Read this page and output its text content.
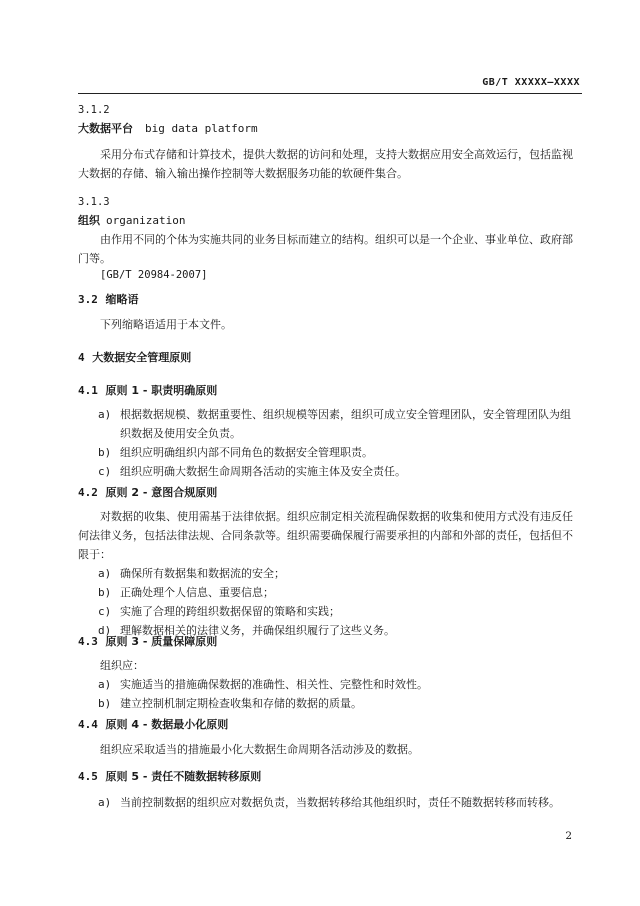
GB/T XXXXX—XXXX
3.1.2
大数据平台 big data platform
采用分布式存储和计算技术，提供大数据的访问和处理，支持大数据应用安全高效运行，包括监视大数据的存储、输入输出操作控制等大数据服务功能的软硬件集合。
3.1.3
组织 organization
由作用不同的个体为实施共同的业务目标而建立的结构。组织可以是一个企业、事业单位、政府部门等。
[GB/T 20984-2007]
3.2 缩略语
下列缩略语适用于本文件。
4 大数据安全管理原则
4.1 原则 1 - 职责明确原则
a) 根据数据规模、数据重要性、组织规模等因素，组织可成立安全管理团队，安全管理团队为组织数据及使用安全负责。
b) 组织应明确组织内部不同角色的数据安全管理职责。
c) 组织应明确大数据生命周期各活动的实施主体及安全责任。
4.2 原则 2 - 意图合规原则
对数据的收集、使用需基于法律依据。组织应制定相关流程确保数据的收集和使用方式没有违反任何法律义务，包括法律法规、合同条款等。组织需要确保履行需要承担的内部和外部的责任，包括但不限于：
a) 确保所有数据集和数据流的安全；
b) 正确处理个人信息、重要信息；
c) 实施了合理的跨组织数据保留的策略和实践；
d) 理解数据相关的法律义务，并确保组织履行了这些义务。
4.3 原则 3 - 质量保障原则
组织应：
a) 实施适当的措施确保数据的准确性、相关性、完整性和时效性。
b) 建立控制机制定期检查收集和存储的数据的质量。
4.4 原则 4 - 数据最小化原则
组织应采取适当的措施最小化大数据生命周期各活动涉及的数据。
4.5 原则 5 - 责任不随数据转移原则
a) 当前控制数据的组织应对数据负责，当数据转移给其他组织时，责任不随数据转移而转移。
2
